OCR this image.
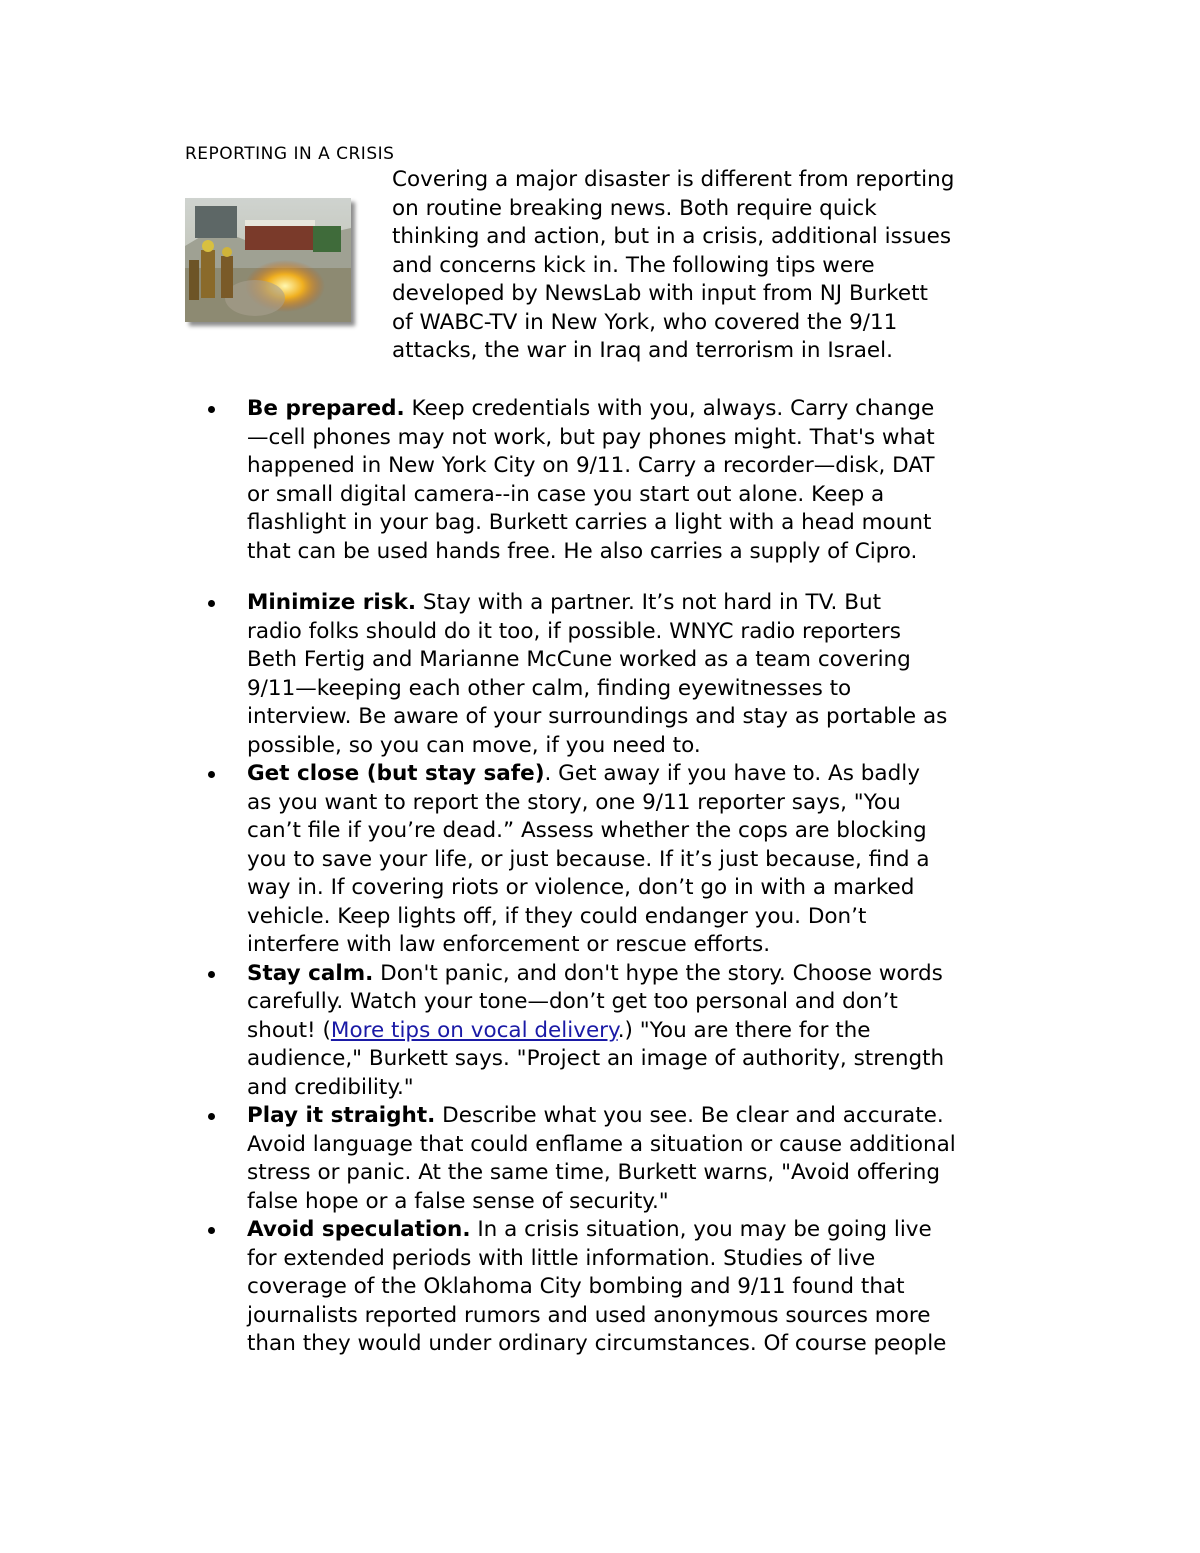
REPORTING IN A CRISIS
Covering a major disaster is different from reporting
on routine breaking news. Both require quick
thinking and action, but in a crisis, additional issues
and concerns kick in. The following tips were
developed by NewsLab with input from NJ Burkett
of WABC-TV in New York, who covered the 9/11
attacks, the war in Iraq and terrorism in Israel.
Be prepared. Keep credentials with you, always. Carry change
—cell phones may not work, but pay phones might. That's what
happened in New York City on 9/11. Carry a recorder—disk, DAT
or small digital camera--in case you start out alone. Keep a
flashlight in your bag. Burkett carries a light with a head mount
that can be used hands free. He also carries a supply of Cipro.
Minimize risk. Stay with a partner. It’s not hard in TV. But
radio folks should do it too, if possible. WNYC radio reporters
Beth Fertig and Marianne McCune worked as a team covering
9/11—keeping each other calm, finding eyewitnesses to
interview. Be aware of your surroundings and stay as portable as
possible, so you can move, if you need to.
Get close (but stay safe). Get away if you have to. As badly
as you want to report the story, one 9/11 reporter says, "You
can’t file if you’re dead.” Assess whether the cops are blocking
you to save your life, or just because. If it’s just because, find a
way in. If covering riots or violence, don’t go in with a marked
vehicle. Keep lights off, if they could endanger you. Don’t
interfere with law enforcement or rescue efforts.
Stay calm. Don't panic, and don't hype the story. Choose words
carefully. Watch your tone—don’t get too personal and don’t
shout! (More tips on vocal delivery.) "You are there for the
audience," Burkett says. "Project an image of authority, strength
and credibility."
Play it straight. Describe what you see. Be clear and accurate.
Avoid language that could enflame a situation or cause additional
stress or panic. At the same time, Burkett warns, "Avoid offering
false hope or a false sense of security."
Avoid speculation. In a crisis situation, you may be going live
for extended periods with little information. Studies of live
coverage of the Oklahoma City bombing and 9/11 found that
journalists reported rumors and used anonymous sources more
than they would under ordinary circumstances. Of course people
